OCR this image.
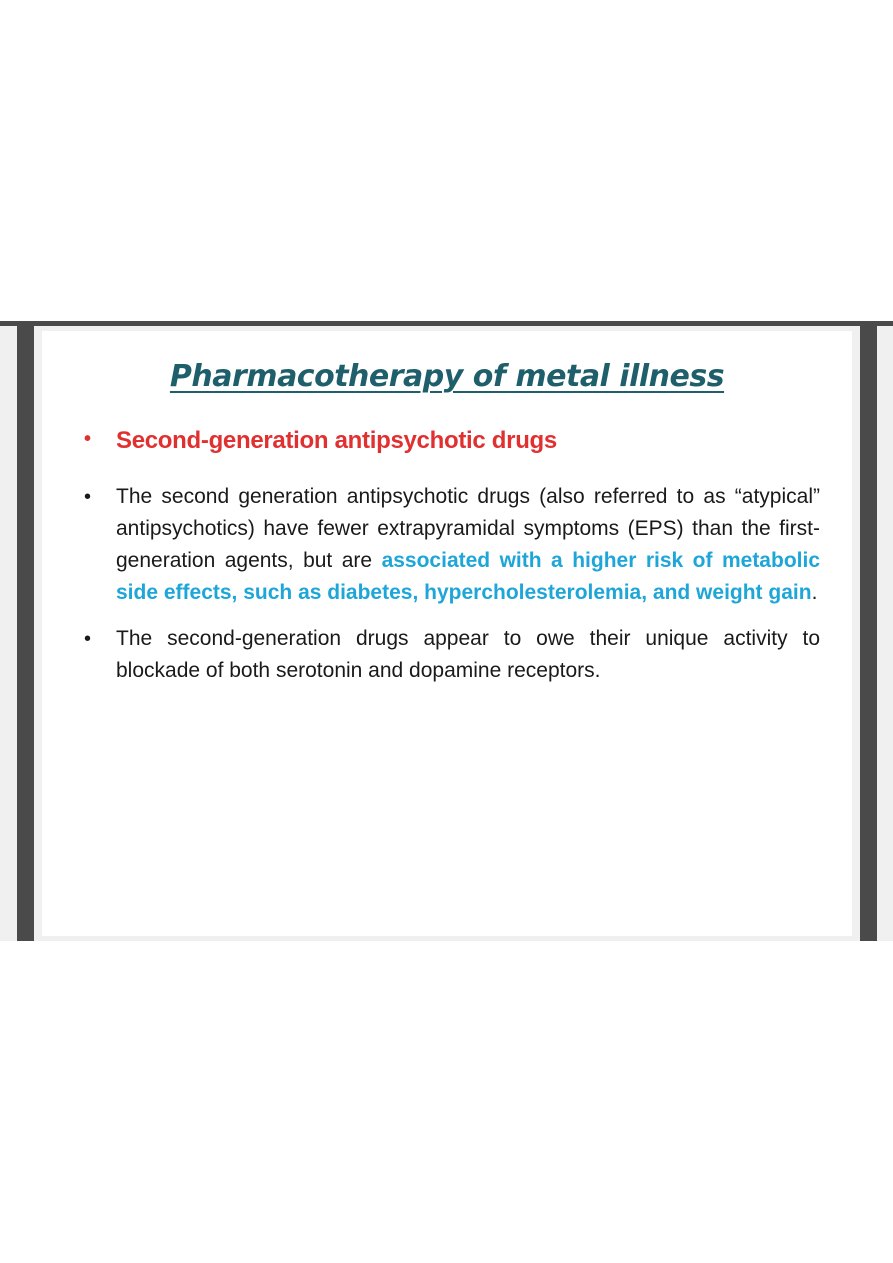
Pharmacotherapy of metal illness
• Second-generation antipsychotic drugs
• The second generation antipsychotic drugs (also referred to as “atypical” antipsychotics) have fewer extrapyramidal symptoms (EPS) than the first-generation agents, but are associated with a higher risk of metabolic side effects, such as diabetes, hypercholesterolemia, and weight gain.
• The second-generation drugs appear to owe their unique activity to blockade of both serotonin and dopamine receptors.
